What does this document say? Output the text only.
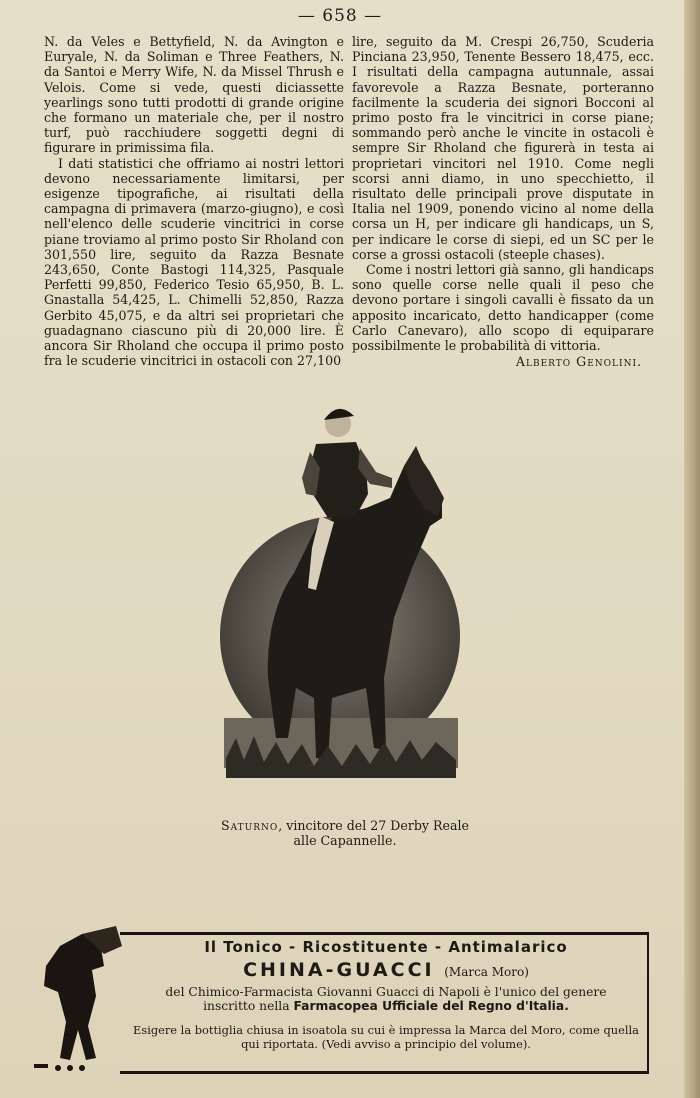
— 658 —

N. da Veles e Bettyfield, N. da Avington e Euryale, N. da Soliman e Three Feathers, N. da Santoi e Merry Wife, N. da Missel Thrush e Velois. Come si vede, questi diciassette yearlings sono tutti prodotti di grande origine che formano un materiale che, per il nostro turf, può racchiudere soggetti degni di figurare in primissima fila.

I dati statistici che offriamo ai nostri lettori devono necessariamente limitarsi, per esigenze tipografiche, ai risultati della campagna di primavera (marzo-giugno), e così nell'elenco delle scuderie vincitrici in corse piane troviamo al primo posto Sir Rholand con 301,550 lire, seguito da Razza Besnate 243,650, Conte Bastogi 114,325, Pasquale Perfetti 99,850, Federico Tesio 65,950, B. L. Gnastalla 54,425, L. Chimelli 52,850, Razza Gerbito 45,075, e da altri sei proprietari che guadagnano ciascuno più di 20,000 lire. È ancora Sir Rholand che occupa il primo posto fra le scuderie vincitrici in ostacoli con 27,100

lire, seguito da M. Crespi 26,750, Scuderia Pinciana 23,950, Tenente Bessero 18,475, ecc. I risultati della campagna autunnale, assai favorevole a Razza Besnate, porteranno facilmente la scuderia dei signori Bocconi al primo posto fra le vincitrici in corse piane; sommando però anche le vincite in ostacoli è sempre Sir Rholand che figurerà in testa ai proprietari vincitori nel 1910. Come negli scorsi anni diamo, in uno specchietto, il risultato delle principali prove disputate in Italia nel 1909, ponendo vicino al nome della corsa un H, per indicare gli handicaps, un S, per indicare le corse di siepi, ed un SC per le corse a grossi ostacoli (steeple chases).

Come i nostri lettori già sanno, gli handicaps sono quelle corse nelle quali il peso che devono portare i singoli cavalli è fissato da un apposito incaricato, detto handicapper (come Carlo Canevaro), allo scopo di equiparare possibilmente le probabilità di vittoria.

Alberto Genolini.

Saturno, vincitore del 27 Derby Reale
alle Capannelle.
Il Tonico - Ricostituente - Antimalarico
CHINA-GUACCI (Marca Moro)
del Chimico-Farmacista Giovanni Guacci di Napoli è l'unico del genere
inscritto nella Farmacopea Ufficiale del Regno d'Italia.
Esigere la bottiglia chiusa in isoatola su cui è impressa la Marca del Moro, come quella qui riportata. (Vedi avviso a principio del volume).
